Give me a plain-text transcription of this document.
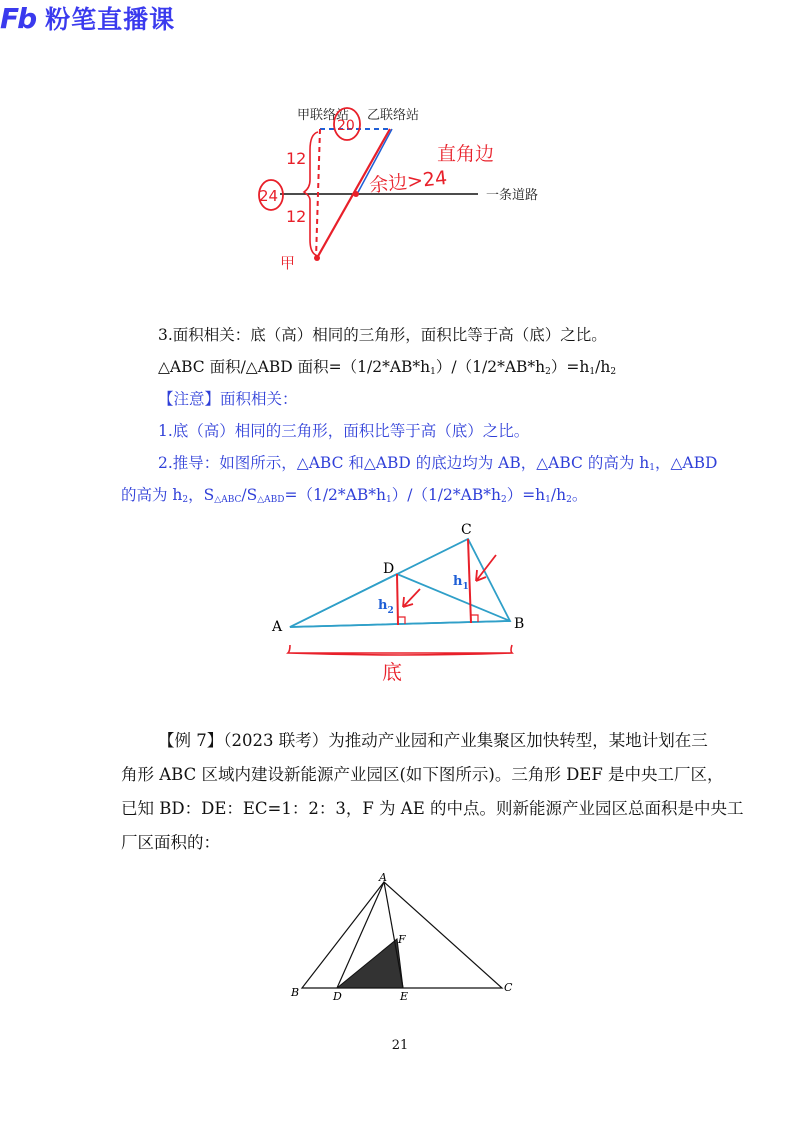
Fb 粉笔直播课
甲联络站 乙联络站
一条道路
20
12
12
24
甲
直角边
余边>24
3.面积相关：底（高）相同的三角形，面积比等于高（底）之比。
△ABC 面积/△ABD 面积$=(1/2*AB*h_1)/(1/2*AB*h_2)=h_1/h_2$
【注意】面积相关：
1.底（高）相同的三角形，面积比等于高（底）之比。
2.推导：如图所示，△ABC 和△ABD 的底边均为 AB，△ABC 的高为 $h_1$，△ABD
的高为 $h_2$，$S_{\triangle ABC}/S_{\triangle ABD}=(1/2*AB*h_1)/(1/2*AB*h_2)=h_1/h_2$。
A	B
C
D
$h_1$
$h_2$
底
【例 7】（2023 联考）为推动产业园和产业集聚区加快转型，某地计划在三
角形 ABC 区域内建设新能源产业园区(如下图所示)。三角形 DEF 是中央工厂区，
已知 BD：DE：EC=1：2：3，F 为 AE 的中点。则新能源产业园区总面积是中央工
厂区面积的：
A
B	C
D	E
F
21
